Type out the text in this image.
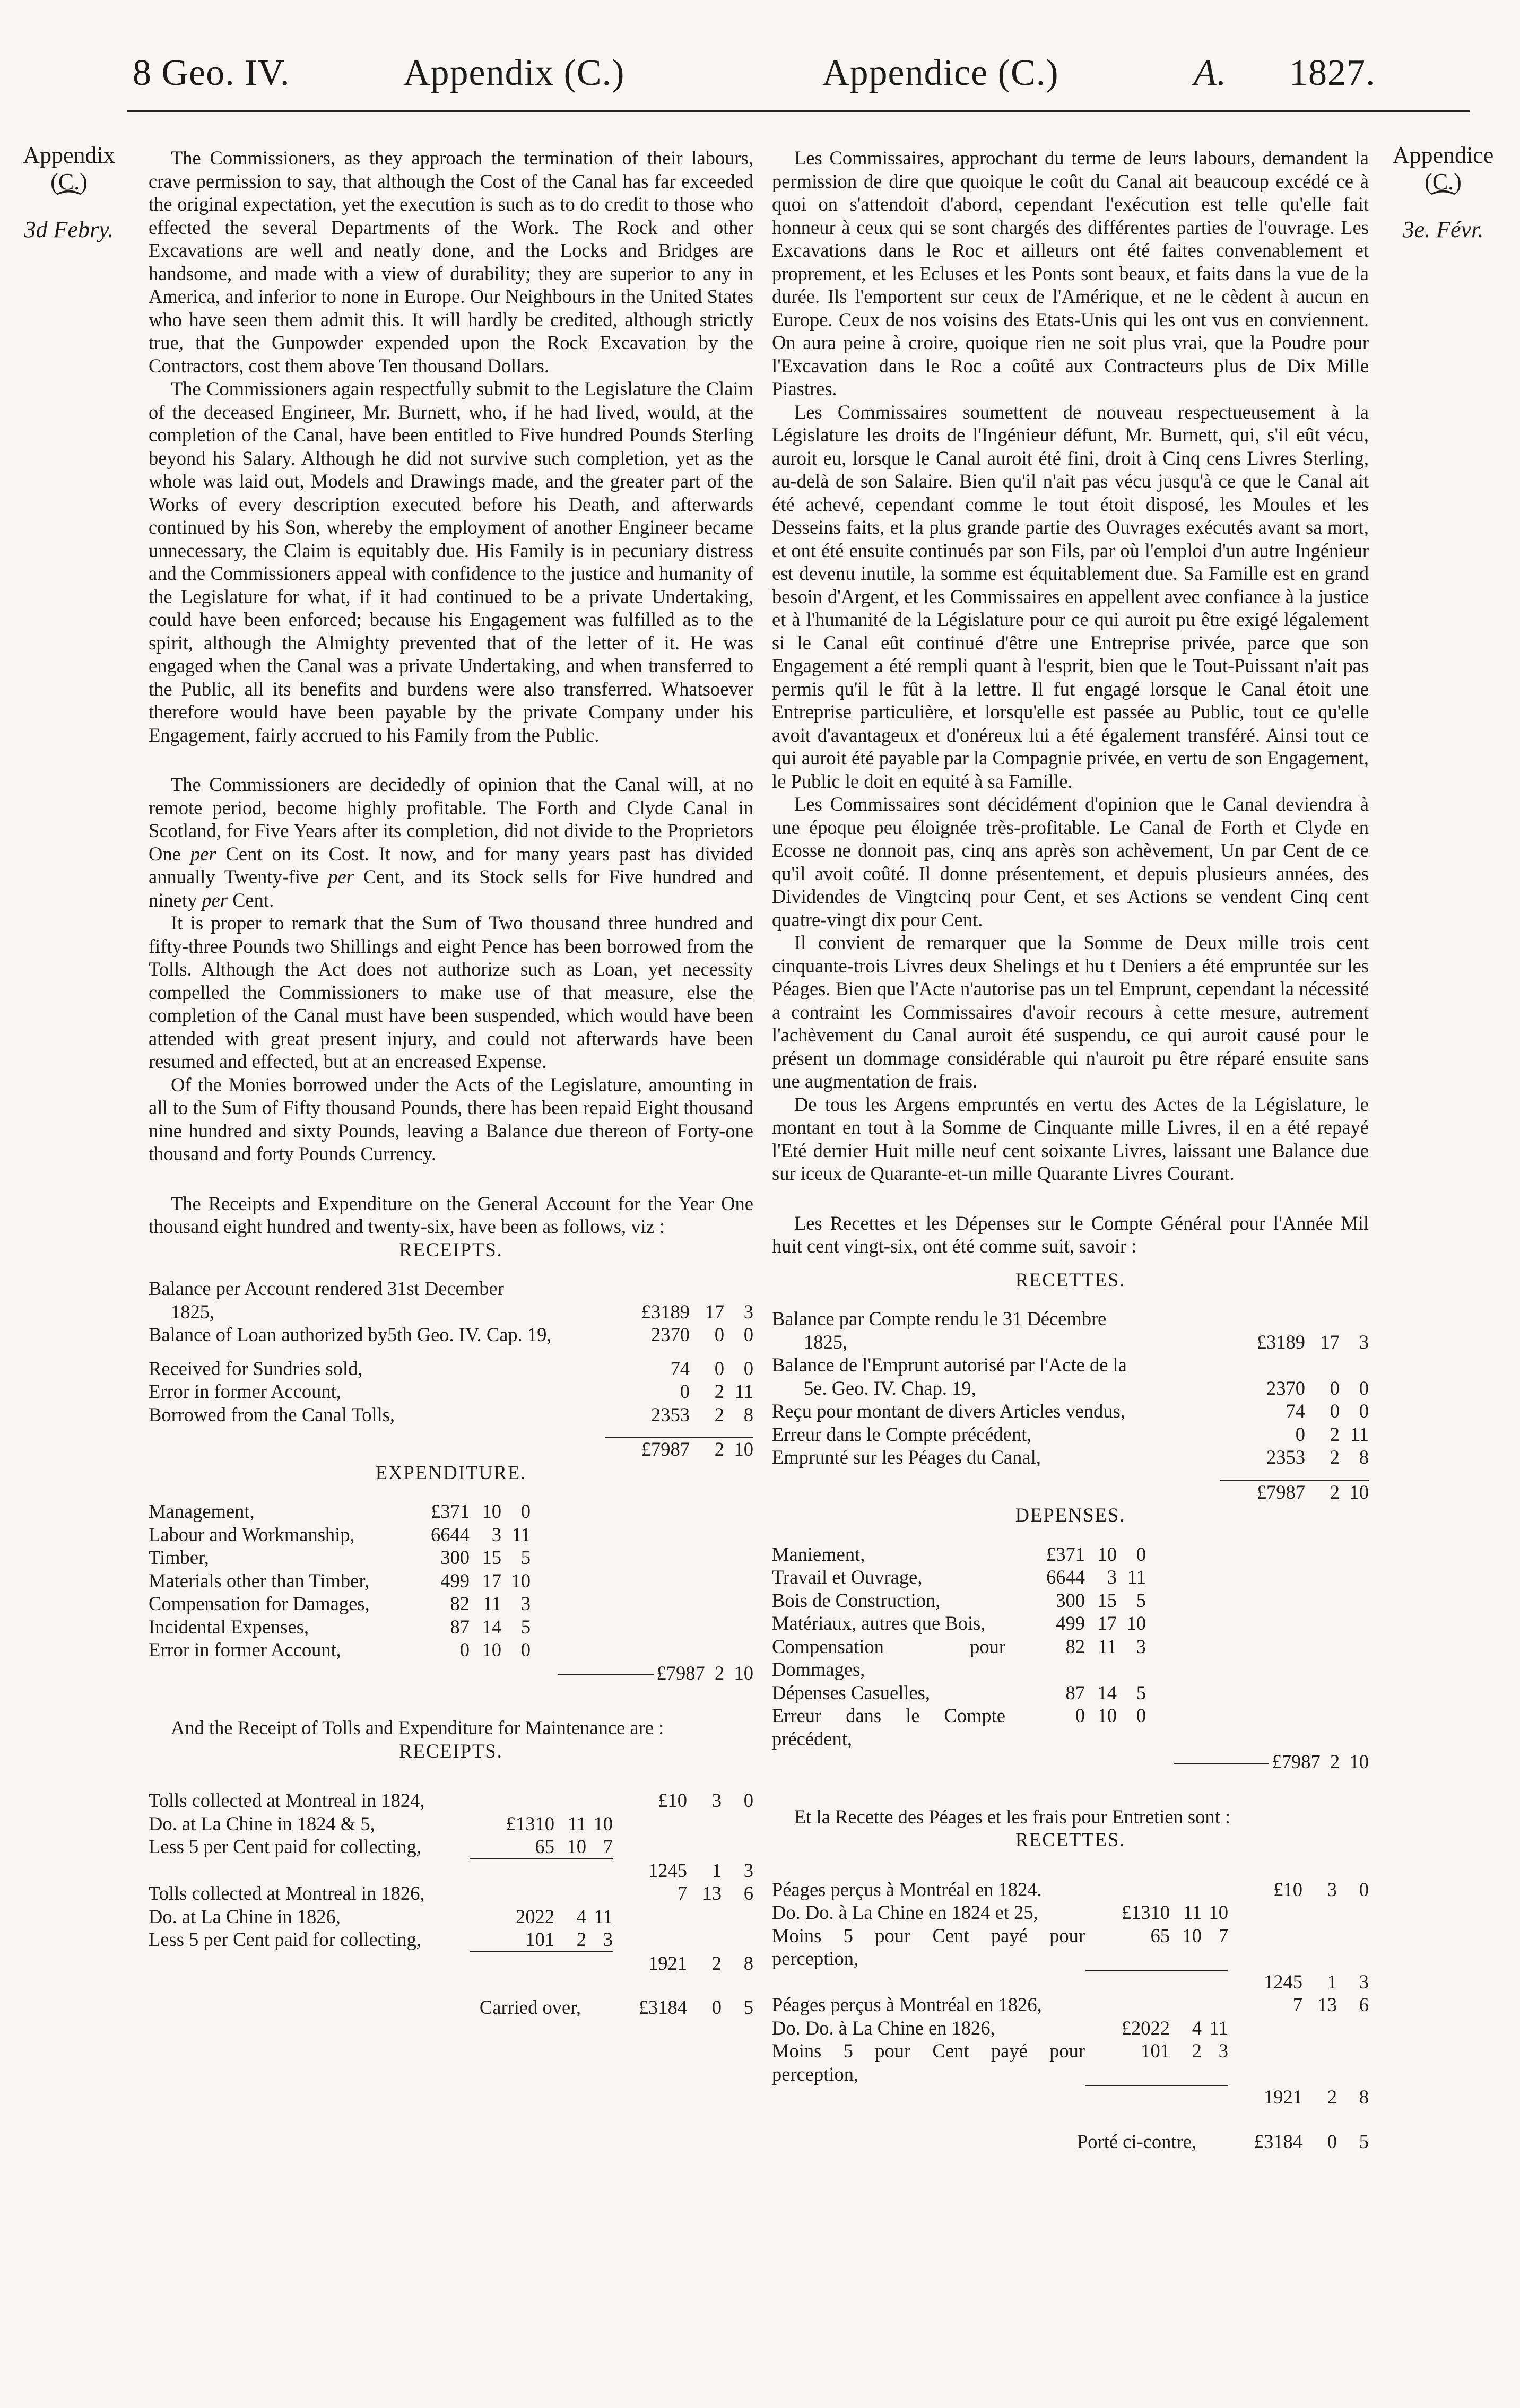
8 Geo. IV.	Appendix (C.)	Appendice (C.)	A. 1827.
Appendix
(C.)
⁀
3d Febry.
Appendice
(C.)
⁀
3e. Févr.

The Commissioners, as they approach the termination of their labours, crave permission to say, that although the Cost of the Canal has far exceeded the original expectation, yet the execution is such as to do credit to those who effected the several Departments of the Work. The Rock and other Excavations are well and neatly done, and the Locks and Bridges are handsome, and made with a view of durability; they are superior to any in America, and inferior to none in Europe. Our Neighbours in the United States who have seen them admit this. It will hardly be credited, although strictly true, that the Gunpowder expended upon the Rock Excavation by the Contractors, cost them above Ten thousand Dollars.

The Commissioners again respectfully submit to the Legislature the Claim of the deceased Engineer, Mr. Burnett, who, if he had lived, would, at the completion of the Canal, have been entitled to Five hundred Pounds Sterling beyond his Salary. Although he did not survive such completion, yet as the whole was laid out, Models and Drawings made, and the greater part of the Works of every description executed before his Death, and afterwards continued by his Son, whereby the employment of another Engineer became unnecessary, the Claim is equitably due. His Family is in pecuniary distress and the Commissioners appeal with confidence to the justice and humanity of the Legislature for what, if it had continued to be a private Undertaking, could have been enforced; because his Engagement was fulfilled as to the spirit, although the Almighty prevented that of the letter of it. He was engaged when the Canal was a private Undertaking, and when transferred to the Public, all its benefits and burdens were also transferred. Whatsoever therefore would have been payable by the private Company under his Engagement, fairly accrued to his Family from the Public.

The Commissioners are decidedly of opinion that the Canal will, at no remote period, become highly profitable. The Forth and Clyde Canal in Scotland, for Five Years after its completion, did not divide to the Proprietors One per Cent on its Cost. It now, and for many years past has divided annually Twenty-five per Cent, and its Stock sells for Five hundred and ninety per Cent.

It is proper to remark that the Sum of Two thousand three hundred and fifty-three Pounds two Shillings and eight Pence has been borrowed from the Tolls. Although the Act does not authorize such as Loan, yet necessity compelled the Commissioners to make use of that measure, else the completion of the Canal must have been suspended, which would have been attended with great present injury, and could not afterwards have been resumed and effected, but at an encreased Expense.

Of the Monies borrowed under the Acts of the Legislature, amounting in all to the Sum of Fifty thousand Pounds, there has been repaid Eight thousand nine hundred and sixty Pounds, leaving a Balance due thereon of Forty-one thousand and forty Pounds Currency.

The Receipts and Expenditure on the General Account for the Year One thousand eight hundred and twenty-six, have been as follows, viz :

RECEIPTS.
Balance per Account rendered 31st December			
1825,	£3189	17	3
Balance of Loan authorized by5th Geo. IV. Cap. 19,	2370	0	0

Received for Sundries sold,	74	0	0
Error in former Account,	0	2	11
Borrowed from the Canal Tolls,	2353	2	8

	£7987	2	10
EXPENDITURE.
Management,	£371	10	0	
Labour and Workmanship,	6644	3	11	
Timber,	300	15	5	
Materials other than Timber,	499	17	10	
Compensation for Damages,	82	11	3	
Incidental Expenses,	87	14	5	
Error in former Account,	0	10	0	
				£7987 2 10

And the Receipt of Tolls and Expenditure for Maintenance are :

RECEIPTS.
Tolls collected at Montreal in 1824,				£10	3	0
Do. at La Chine in 1824 & 5,	£1310	11	10			
Less 5 per Cent paid for collecting,	65	10	7			
				1245	1	3
Tolls collected at Montreal in 1826,				7	13	6
Do. at La Chine in 1826,	2022	4	11			
Less 5 per Cent paid for collecting,	101	2	3			
				1921	2	8

Carried over,				£3184	0	5

Les Commissaires, approchant du terme de leurs labours, demandent la permission de dire que quoique le coût du Canal ait beaucoup excédé ce à quoi on s'attendoit d'abord, cependant l'exécution est telle qu'elle fait honneur à ceux qui se sont chargés des différentes parties de l'ouvrage. Les Excavations dans le Roc et ailleurs ont été faites convenablement et proprement, et les Ecluses et les Ponts sont beaux, et faits dans la vue de la durée. Ils l'emportent sur ceux de l'Amérique, et ne le cèdent à aucun en Europe. Ceux de nos voisins des Etats-Unis qui les ont vus en conviennent. On aura peine à croire, quoique rien ne soit plus vrai, que la Poudre pour l'Excavation dans le Roc a coûté aux Contracteurs plus de Dix Mille Piastres.

Les Commissaires soumettent de nouveau respectueusement à la Législature les droits de l'Ingénieur défunt, Mr. Burnett, qui, s'il eût vécu, auroit eu, lorsque le Canal auroit été fini, droit à Cinq cens Livres Sterling, au-delà de son Salaire. Bien qu'il n'ait pas vécu jusqu'à ce que le Canal ait été achevé, cependant comme le tout étoit disposé, les Moules et les Desseins faits, et la plus grande partie des Ouvrages exécutés avant sa mort, et ont été ensuite continués par son Fils, par où l'emploi d'un autre Ingénieur est devenu inutile, la somme est équitablement due. Sa Famille est en grand besoin d'Argent, et les Commissaires en appellent avec confiance à la justice et à l'humanité de la Législature pour ce qui auroit pu être exigé légalement si le Canal eût continué d'être une Entreprise privée, parce que son Engagement a été rempli quant à l'esprit, bien que le Tout-Puissant n'ait pas permis qu'il le fût à la lettre. Il fut engagé lorsque le Canal étoit une Entreprise particulière, et lorsqu'elle est passée au Public, tout ce qu'elle avoit d'avantageux et d'onéreux lui a été également transféré. Ainsi tout ce qui auroit été payable par la Compagnie privée, en vertu de son Engagement, le Public le doit en equité à sa Famille.

Les Commissaires sont décidément d'opinion que le Canal deviendra à une époque peu éloignée très-profitable. Le Canal de Forth et Clyde en Ecosse ne donnoit pas, cinq ans après son achèvement, Un par Cent de ce qu'il avoit coûté. Il donne présentement, et depuis plusieurs années, des Dividendes de Vingtcinq pour Cent, et ses Actions se vendent Cinq cent quatre-vingt dix pour Cent.

Il convient de remarquer que la Somme de Deux mille trois cent cinquante-trois Livres deux Shelings et hu t Deniers a été empruntée sur les Péages. Bien que l'Acte n'autorise pas un tel Emprunt, cependant la nécessité a contraint les Commissaires d'avoir recours à cette mesure, autrement l'achèvement du Canal auroit été suspendu, ce qui auroit causé pour le présent un dommage considérable qui n'auroit pu être réparé ensuite sans une augmentation de frais.

De tous les Argens empruntés en vertu des Actes de la Législature, le montant en tout à la Somme de Cinquante mille Livres, il en a été repayé l'Eté dernier Huit mille neuf cent soixante Livres, laissant une Balance due sur iceux de Quarante-et-un mille Quarante Livres Courant.

Les Recettes et les Dépenses sur le Compte Général pour l'Année Mil huit cent vingt-six, ont été comme suit, savoir :

RECETTES.
Balance par Compte rendu le 31 Décembre			
1825,	£3189	17	3
Balance de l'Emprunt autorisé par l'Acte de la			
5e. Geo. IV. Chap. 19,	2370	0	0
Reçu pour montant de divers Articles vendus,	74	0	0
Erreur dans le Compte précédent,	0	2	11
Emprunté sur les Péages du Canal,	2353	2	8

	£7987	2	10
DEPENSES.
Maniement,	£371	10	0	
Travail et Ouvrage,	6644	3	11	
Bois de Construction,	300	15	5	
Matériaux, autres que Bois,	499	17	10	
Compensation pour Dommages,	82	11	3	
Dépenses Casuelles,	87	14	5	
Erreur dans le Compte précédent,	0	10	0	
				£7987 2 10

Et la Recette des Péages et les frais pour Entretien sont :

RECETTES.
Péages perçus à Montréal en 1824.				£10	3	0
Do. Do. à La Chine en 1824 et 25,	£1310	11	10			
Moins 5 pour Cent payé pour perception,	65	10	7			
				1245	1	3
Péages perçus à Montréal en 1826,				7	13	6
Do. Do. à La Chine en 1826,	£2022	4	11			
Moins 5 pour Cent payé pour perception,	101	2	3			
				1921	2	8

Porté ci-contre,				£3184	0	5
